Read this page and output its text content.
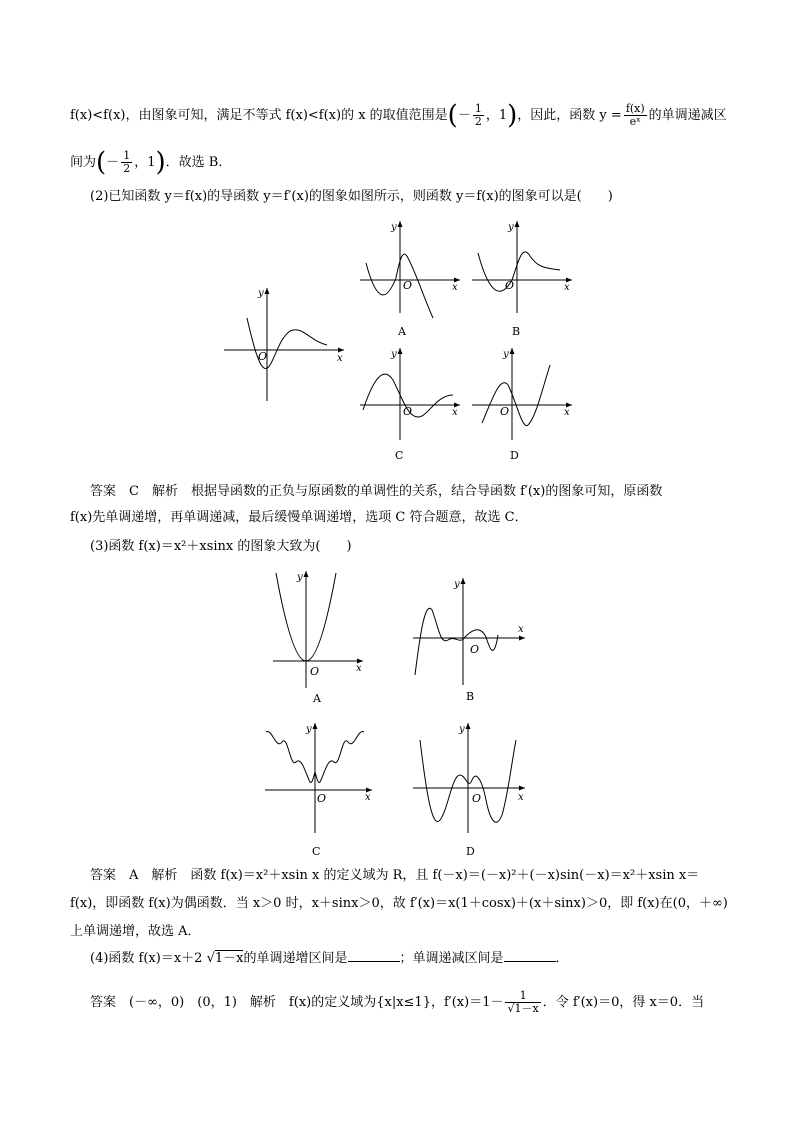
f(x)<f(x)，由图象可知，满足不等式 f(x)<f(x)的 x 的取值范围是(－ $\frac{1}{2}$ ，1)，因此，函数 $y = \frac{f(x)}{\text{eˣ}}$ 的单调递减区
间为(－ $\frac{1}{2}$ ，1)．故选 B．
(2)已知函数 y＝f(x)的导函数 y＝f′(x)的图象如图所示，则函数 y＝f(x)的图象可以是(　　)
y
x
O
y
x
O
A
y
x
O
B
y
x
O
C
y
x
O
D
答案　C　解析　根据导函数的正负与原函数的单调性的关系，结合导函数 f′(x)的图象可知，原函数
f(x)先单调递增，再单调递减，最后缓慢单调递增，选项 C 符合题意，故选 C．
(3)函数 f(x)＝x²＋xsinx 的图象大致为(　　)
y
x
O
A
y
x
O
B
y
x
O
C
y
x
O
D
答案　A　解析　函数 f(x)＝x²＋xsin x 的定义域为 R，且 f(－x)＝(－x)²＋(－x)sin(－x)＝x²＋xsin x＝
f(x)，即函数 f(x)为偶函数．当 x＞0 时，x＋sinx＞0，故 f′(x)＝x(1＋cosx)＋(x＋sinx)＞0，即 f(x)在(0，＋∞)
上单调递增，故选 A．
(4)函数 f(x)＝x＋2 √1－x的单调递增区间是	；单调递减区间是	．
答案　(－∞，0)　(0，1)　解析　f(x)的定义域为{x|x≤1}，$f'(x)=1- \frac{1}{√1-x}$ ．令 f′(x)＝0，得 x＝0．当
